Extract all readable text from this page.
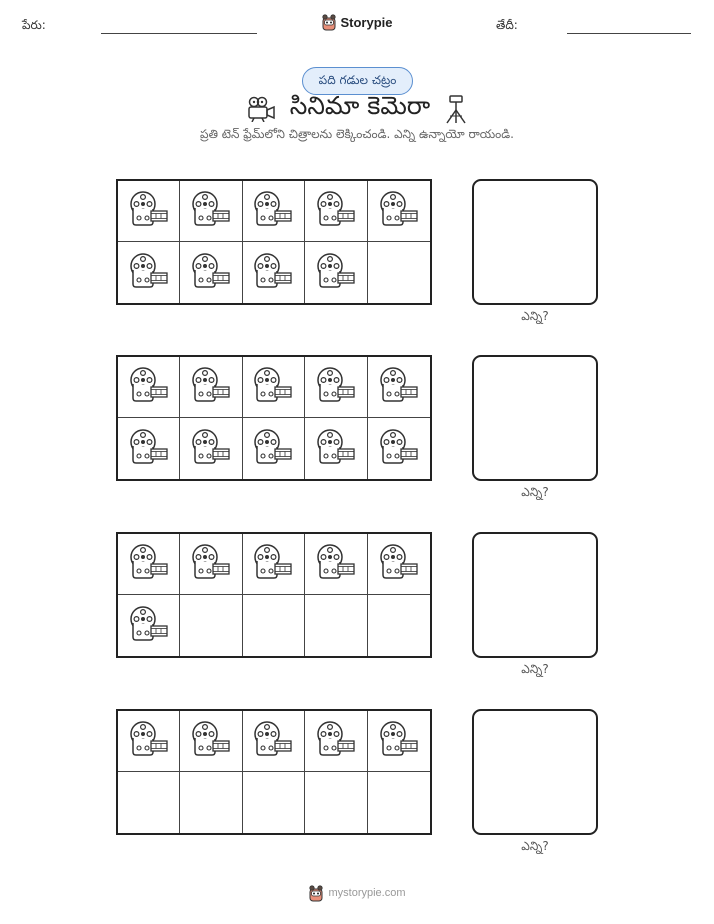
పేరు:	Storypie	తేదీ:
పది గడుల చట్రం
సినిమా కెమెరా
ప్రతి టెన్ ఫ్రేమ్‌లోని చిత్రాలను లెక్కించండి. ఎన్ని ఉన్నాయో రాయండి.
ఎన్ని?
ఎన్ని?
ఎన్ని?
ఎన్ని?
mystorypie.com
